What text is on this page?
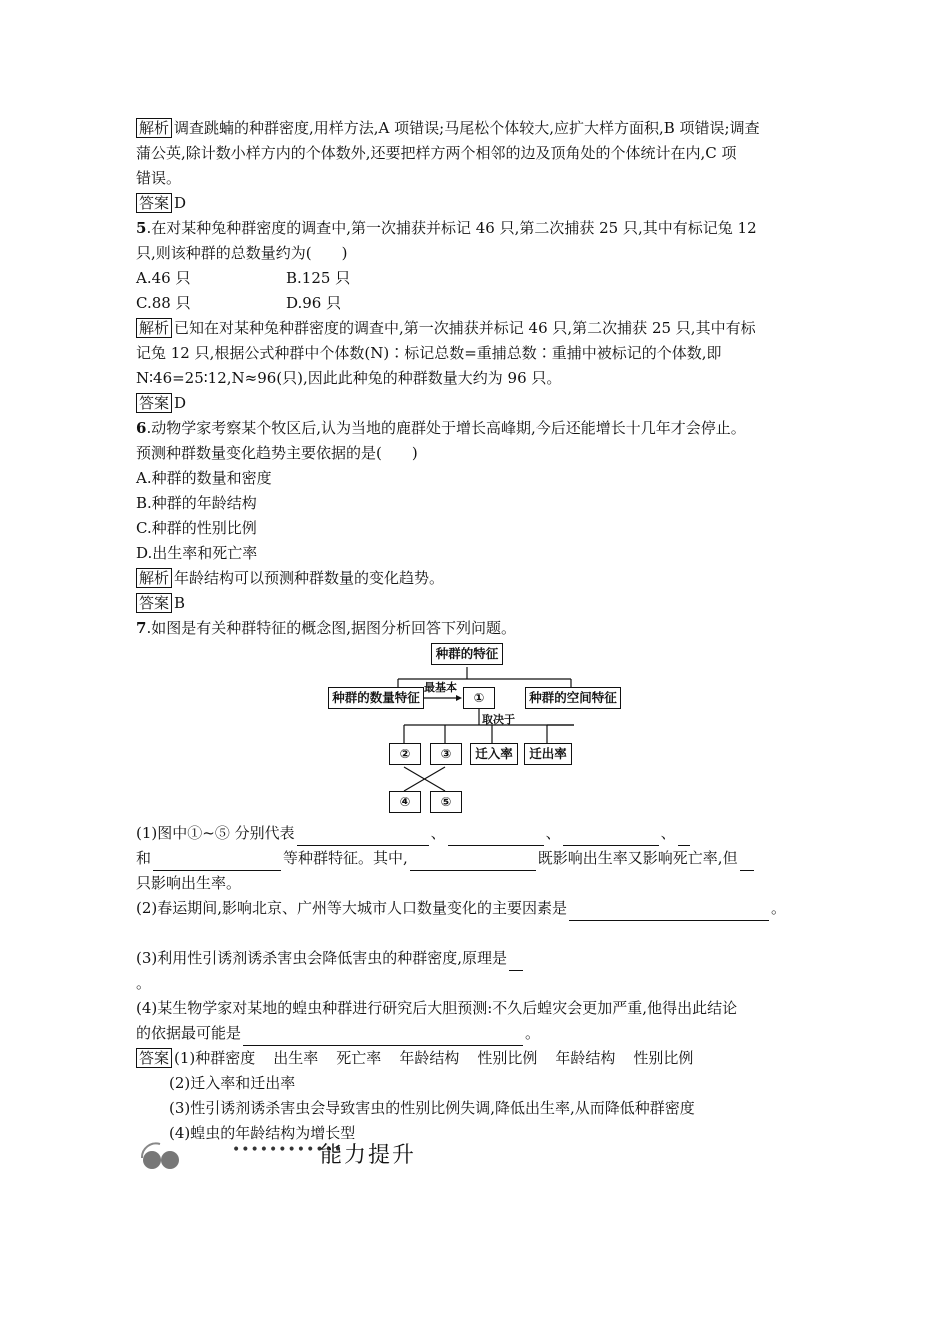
解析 调查跳蝻的种群密度,用样方法,A 项错误;马尾松个体较大,应扩大样方面积,B 项错误;调查
蒲公英,除计数小样方内的个体数外,还要把样方两个相邻的边及顶角处的个体统计在内,C 项
错误。
答案 D
5.在对某种兔种群密度的调查中,第一次捕获并标记 46 只,第二次捕获 25 只,其中有标记兔 12
只,则该种群的总数量约为(　　)
A.46 只	B.125 只
C.88 只	D.96 只
解析 已知在对某种兔种群密度的调查中,第一次捕获并标记 46 只,第二次捕获 25 只,其中有标
记兔 12 只,根据公式种群中个体数(N)∶标记总数=重捕总数∶重捕中被标记的个体数,即
N∶46=25∶12,N≈96(只),因此此种兔的种群数量大约为 96 只。
答案 D
6.动物学家考察某个牧区后,认为当地的鹿群处于增长高峰期,今后还能增长十几年才会停止。
预测种群数量变化趋势主要依据的是(　　)
A.种群的数量和密度
B.种群的年龄结构
C.种群的性别比例
D.出生率和死亡率
解析 年龄结构可以预测种群数量的变化趋势。
答案 B
7.如图是有关种群特征的概念图,据图分析回答下列问题。
种群的特征
种群的数量特征	①	种群的空间特征
最基本
取决于
②	③	迁入率	迁出率
④	⑤
(1)图中①~⑤ 分别代表	、	、	、
和	等种群特征。其中,	既影响出生率又影响死亡率,但
只影响出生率。
(2)春运期间,影响北京、广州等大城市人口数量变化的主要因素是	。
(3)利用性引诱剂诱杀害虫会降低害虫的种群密度,原理是
。
(4)某生物学家对某地的蝗虫种群进行研究后大胆预测:不久后蝗灾会更加严重,他得出此结论
的依据最可能是	。
答案 (1)种群密度 出生率 死亡率 年龄结构 性别比例 年龄结构 性别比例
(2)迁入率和迁出率
(3)性引诱剂诱杀害虫会导致害虫的性别比例失调,降低出生率,从而降低种群密度
(4)蝗虫的年龄结构为增长型
••••••••••••
能力提升
